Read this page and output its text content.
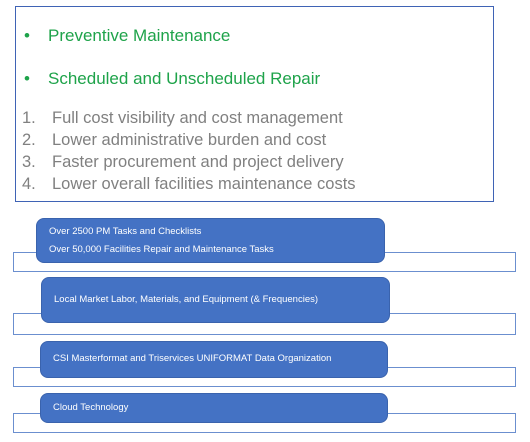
• Preventive Maintenance
• Scheduled and Unscheduled Repair
1. Full cost visibility and cost management
2. Lower administrative burden and cost
3. Faster procurement and project delivery
4. Lower overall facilities maintenance costs
Over 2500 PM Tasks and Checklists
Over 50,000 Facilities Repair and Maintenance Tasks
Local Market Labor, Materials, and Equipment (& Frequencies)
CSI Masterformat and Triservices UNIFORMAT Data Organization
Cloud Technology
